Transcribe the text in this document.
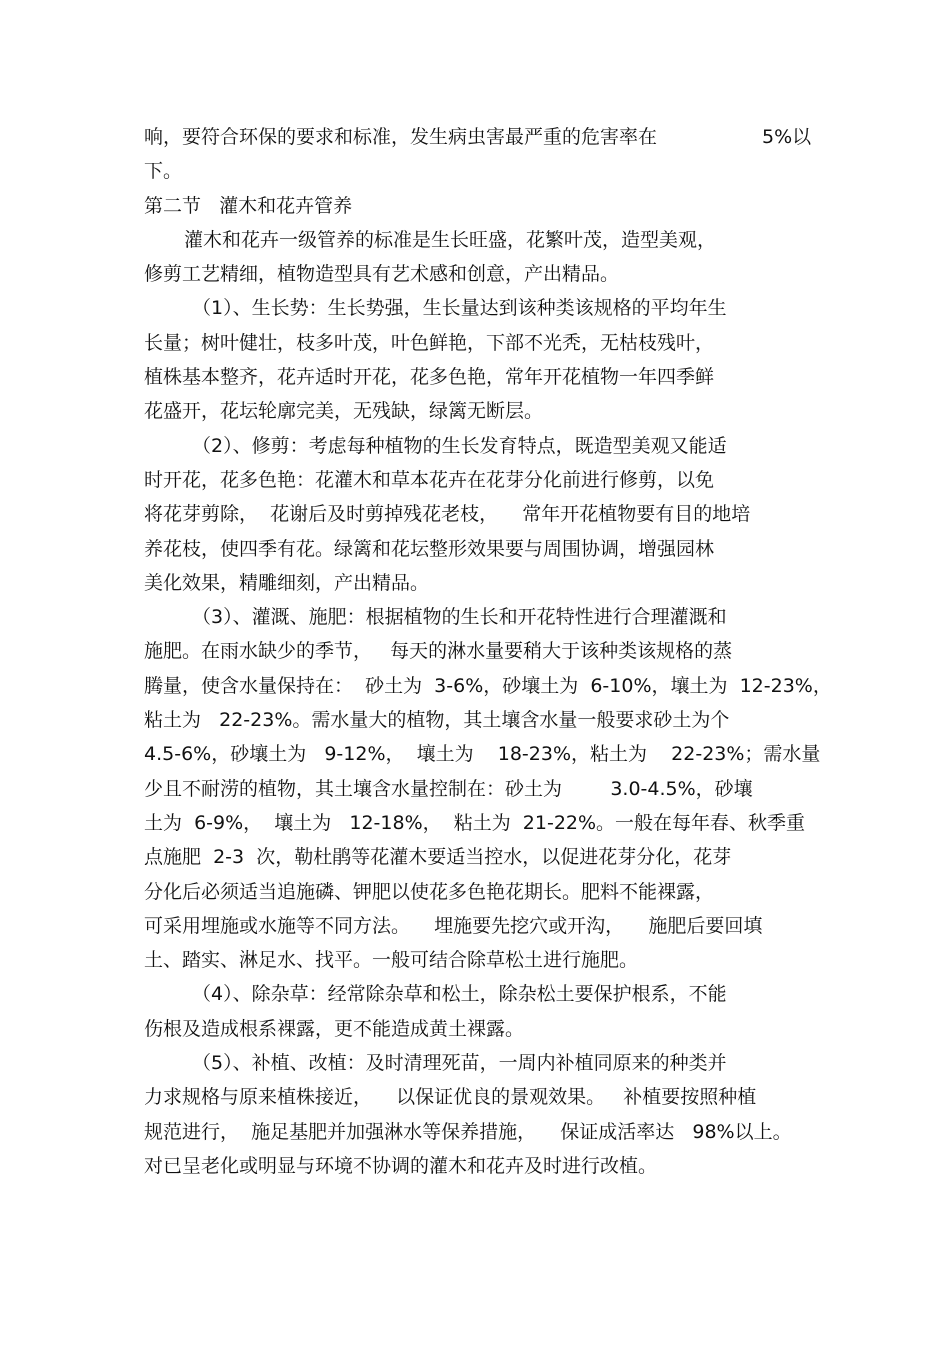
响，要符合环保的要求和标准，发生病虫害最严重的危害率在	5%以
下。
第二节   灌木和花卉管养
灌木和花卉一级管养的标准是生长旺盛，花繁叶茂，造型美观，
修剪工艺精细，植物造型具有艺术感和创意，产出精品。
（1）、生长势：生长势强，生长量达到该种类该规格的平均年生
长量；树叶健壮，枝多叶茂，叶色鲜艳，下部不光秃，无枯枝残叶，
植株基本整齐，花卉适时开花，花多色艳，常年开花植物一年四季鲜
花盛开，花坛轮廓完美，无残缺，绿篱无断层。
（2）、修剪：考虑每种植物的生长发育特点，既造型美观又能适
时开花，花多色艳：花灌木和草本花卉在花芽分化前进行修剪，以免
将花芽剪除，  花谢后及时剪掉残花老枝，    常年开花植物要有目的地培
养花枝，使四季有花。绿篱和花坛整形效果要与周围协调，增强园林
美化效果，精雕细刻，产出精品。
（3）、灌溉、施肥：根据植物的生长和开花特性进行合理灌溉和
施肥。在雨水缺少的季节，   每天的淋水量要稍大于该种类该规格的蒸
腾量，使含水量保持在：  砂土为  3-6%，砂壤土为  6-10%，壤土为  12-23%，
粘土为   22-23%。需水量大的植物，其土壤含水量一般要求砂土为个
4.5-6%，砂壤土为   9-12%，  壤土为    18-23%，粘土为    22-23%；需水量
少且不耐涝的植物，其土壤含水量控制在：砂土为        3.0-4.5%，砂壤
土为  6-9%，  壤土为   12-18%，  粘土为  21-22%。一般在每年春、秋季重
点施肥  2-3  次，勒杜鹃等花灌木要适当控水，以促进花芽分化，花芽
分化后必须适当追施磷、钾肥以使花多色艳花期长。肥料不能裸露，
可采用埋施或水施等不同方法。    埋施要先挖穴或开沟，    施肥后要回填
土、踏实、淋足水、找平。一般可结合除草松土进行施肥。
（4）、除杂草：经常除杂草和松土，除杂松土要保护根系，不能
伤根及造成根系裸露，更不能造成黄土裸露。
（5）、补植、改植：及时清理死苗，一周内补植同原来的种类并
力求规格与原来植株接近，    以保证优良的景观效果。   补植要按照种植
规范进行，  施足基肥并加强淋水等保养措施，    保证成活率达   98%以上。
对已呈老化或明显与环境不协调的灌木和花卉及时进行改植。
